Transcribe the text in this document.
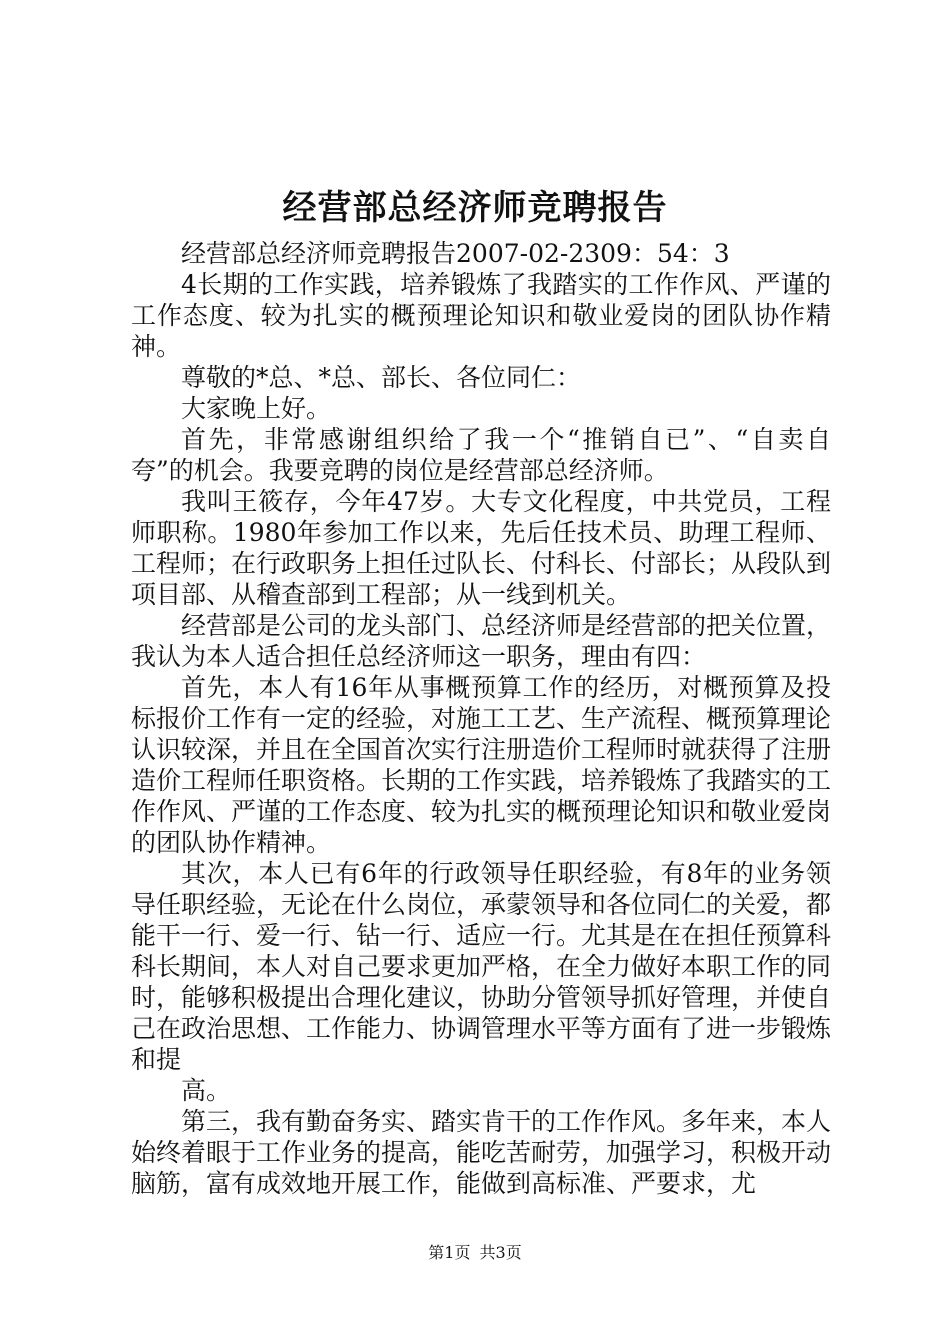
经营部总经济师竞聘报告

经营部总经济师竞聘报告2007-02-2309：54：3

4长期的工作实践，培养锻炼了我踏实的工作作风、严谨的工作态度、较为扎实的概预理论知识和敬业爱岗的团队协作精神。

尊敬的*总、*总、部长、各位同仁：

大家晚上好。

首先，非常感谢组织给了我一个“推销自已”、“自卖自夸”的机会。我要竞聘的岗位是经营部总经济师。

我叫王筱存，今年47岁。大专文化程度，中共党员，工程师职称。1980年参加工作以来，先后任技术员、助理工程师、工程师；在行政职务上担任过队长、付科长、付部长；从段队到项目部、从稽查部到工程部；从一线到机关。

经营部是公司的龙头部门、总经济师是经营部的把关位置，我认为本人适合担任总经济师这一职务，理由有四：

首先，本人有16年从事概预算工作的经历，对概预算及投标报价工作有一定的经验，对施工工艺、生产流程、概预算理论认识较深，并且在全国首次实行注册造价工程师时就获得了注册造价工程师任职资格。长期的工作实践，培养锻炼了我踏实的工作作风、严谨的工作态度、较为扎实的概预理论知识和敬业爱岗的团队协作精神。

其次，本人已有6年的行政领导任职经验，有8年的业务领导任职经验，无论在什么岗位，承蒙领导和各位同仁的关爱，都能干一行、爱一行、钻一行、适应一行。尤其是在在担任预算科科长期间，本人对自己要求更加严格，在全力做好本职工作的同时，能够积极提出合理化建议，协助分管领导抓好管理，并使自己在政治思想、工作能力、协调管理水平等方面有了进一步锻炼和提

高。

第三，我有勤奋务实、踏实肯干的工作作风。多年来，本人始终着眼于工作业务的提高，能吃苦耐劳，加强学习，积极开动脑筋，富有成效地开展工作，能做到高标准、严要求，尤

第1页 共3页
